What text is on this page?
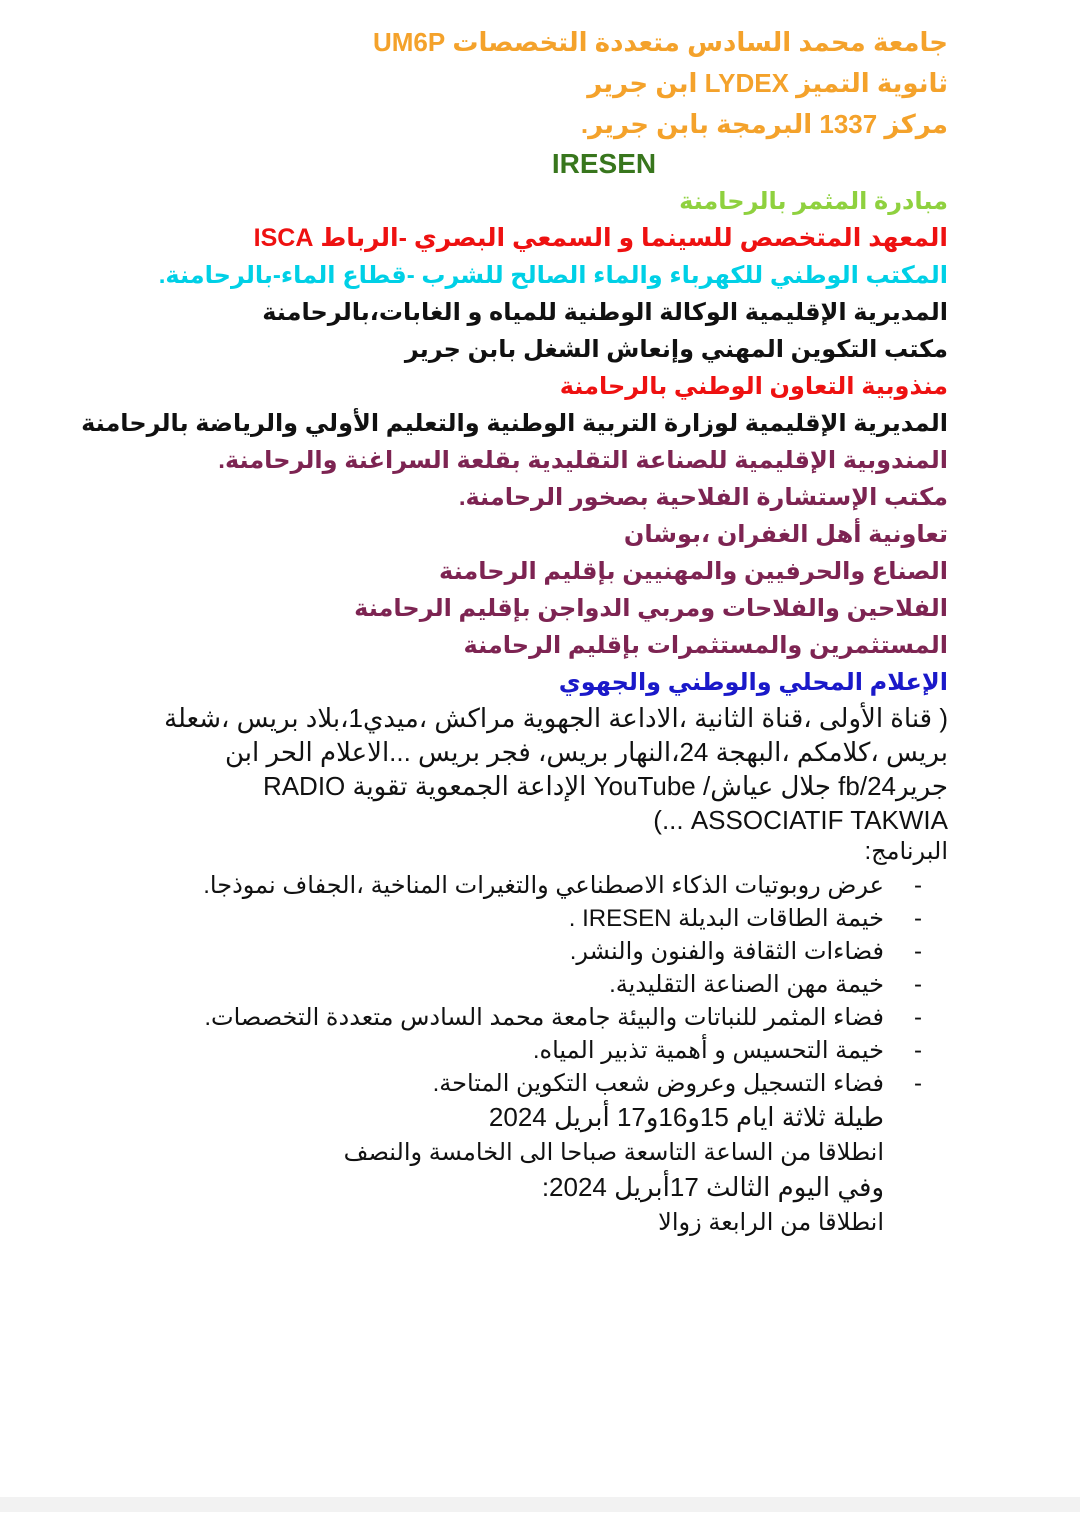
جامعة محمد السادس متعددة التخصصات UM6P

ثانوية التميز LYDEX ابن جرير

مركز 1337 البرمجة بابن جرير.

IRESEN

مبادرة المثمر بالرحامنة

المعهد المتخصص للسينما و السمعي البصري -الرباط ISCA

المكتب الوطني للكهرباء والماء الصالح للشرب -قطاع الماء-بالرحامنة.

المديرية الإقليمية الوكالة الوطنية للمياه و الغابات،بالرحامنة

مكتب التكوين المهني وإنعاش الشغل بابن جرير

منذوبية التعاون الوطني بالرحامنة

المديرية الإقليمية لوزارة التربية الوطنية والتعليم الأولي والرياضة بالرحامنة

المندوبية الإقليمية للصناعة التقليدية بقلعة السراغنة والرحامنة.

مكتب الإستشارة الفلاحية بصخور الرحامنة.

تعاونية أهل الغفران ،بوشان

الصناع والحرفيين والمهنيين بإقليم الرحامنة

الفلاحين والفلاحات ومربي الدواجن بإقليم الرحامنة

المستثمرين والمستثمرات بإقليم الرحامنة

الإعلام المحلي والوطني والجهوي

( قناة الأولى ،قناة الثانية ،الاداعة الجهوية مراكش ،ميدي1،بلاد بريس ،شعلة

بريس ،كلامكم ،البهجة 24،النهار بريس، فجر بريس ...الاعلام الحر ابن

جرير24/fb جلال عياش/ YouTube الإداعة الجمعوية تقوية RADIO

ASSOCIATIF TAKWIA ...)

البرنامج:

-
عرض روبوتيات الذكاء الاصطناعي والتغيرات المناخية ،الجفاف نموذجا.
-
خيمة الطاقات البديلة IRESEN .
-
فضاءات الثقافة والفنون والنشر.
-
خيمة مهن الصناعة التقليدية.
-
فضاء المثمر للنباتات والبيئة جامعة محمد السادس متعددة التخصصات.
-
خيمة التحسيس و أهمية تذبير المياه.
-
فضاء التسجيل وعروض شعب التكوين المتاحة.

طيلة ثلاثة ايام 15و16و17 أبريل 2024

انطلاقا من الساعة التاسعة صباحا الى الخامسة والنصف

وفي اليوم الثالث 17أبريل 2024:

انطلاقا من الرابعة زوالا
